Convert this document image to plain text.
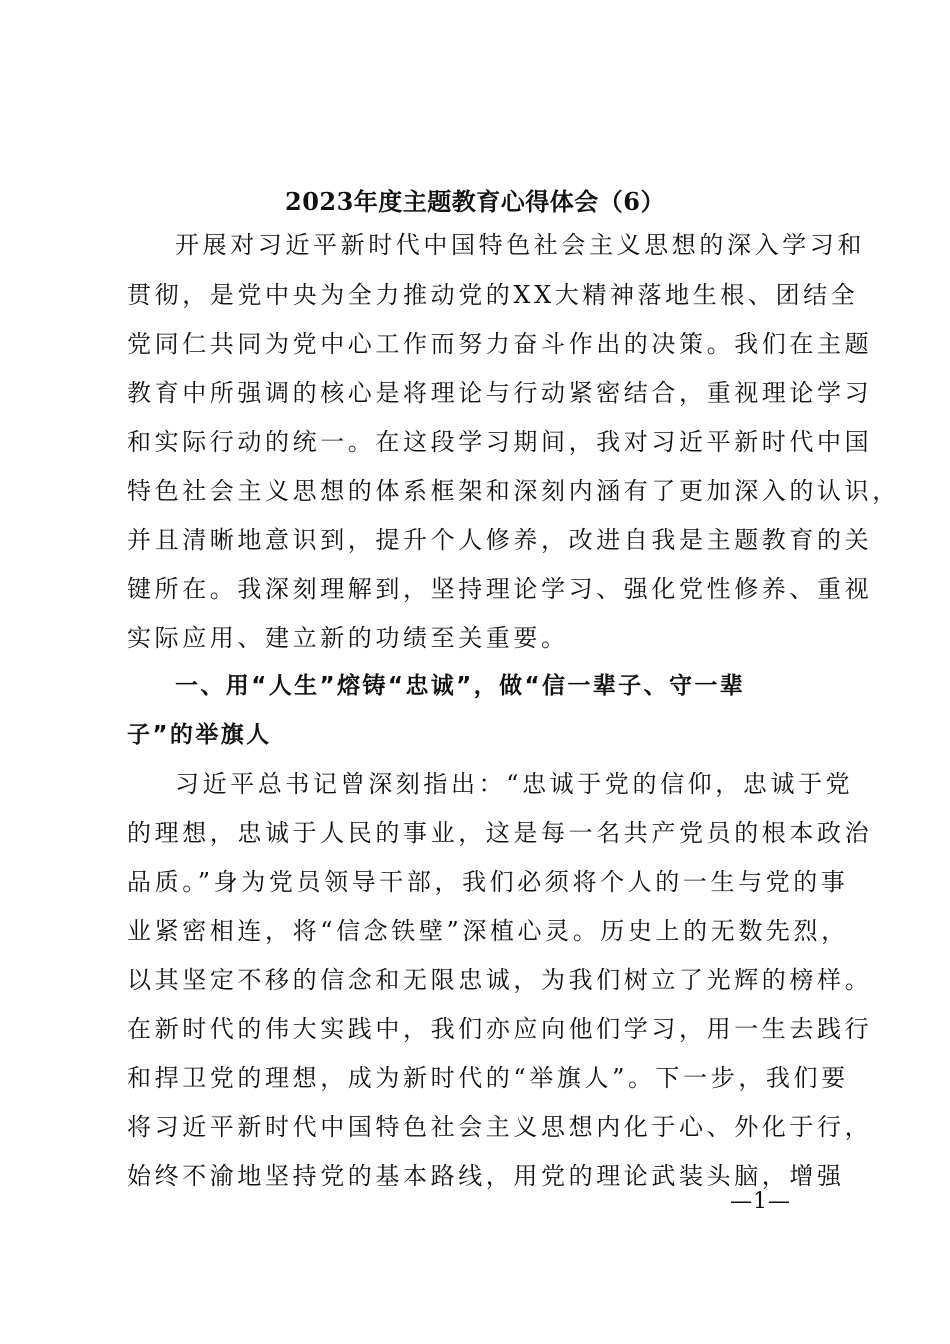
2023年度主题教育心得体会（6）
开展对习近平新时代中国特色社会主义思想的深入学习和
贯彻，是党中央为全力推动党的XX大精神落地生根、团结全
党同仁共同为党中心工作而努力奋斗作出的决策。我们在主题
教育中所强调的核心是将理论与行动紧密结合，重视理论学习
和实际行动的统一。在这段学习期间，我对习近平新时代中国
特色社会主义思想的体系框架和深刻内涵有了更加深入的认识，
并且清晰地意识到，提升个人修养，改进自我是主题教育的关
键所在。我深刻理解到，坚持理论学习、强化党性修养、重视
实际应用、建立新的功绩至关重要。
一、用“人生”熔铸“忠诚”，做“信一辈子、守一辈
子”的举旗人
习近平总书记曾深刻指出：“忠诚于党的信仰，忠诚于党
的理想，忠诚于人民的事业，这是每一名共产党员的根本政治
品质。”身为党员领导干部，我们必须将个人的一生与党的事
业紧密相连，将“信念铁壁”深植心灵。历史上的无数先烈，
以其坚定不移的信念和无限忠诚，为我们树立了光辉的榜样。
在新时代的伟大实践中，我们亦应向他们学习，用一生去践行
和捍卫党的理想，成为新时代的“举旗人”。下一步，我们要
将习近平新时代中国特色社会主义思想内化于心、外化于行，
始终不渝地坚持党的基本路线，用党的理论武装头脑，增强
—1—
